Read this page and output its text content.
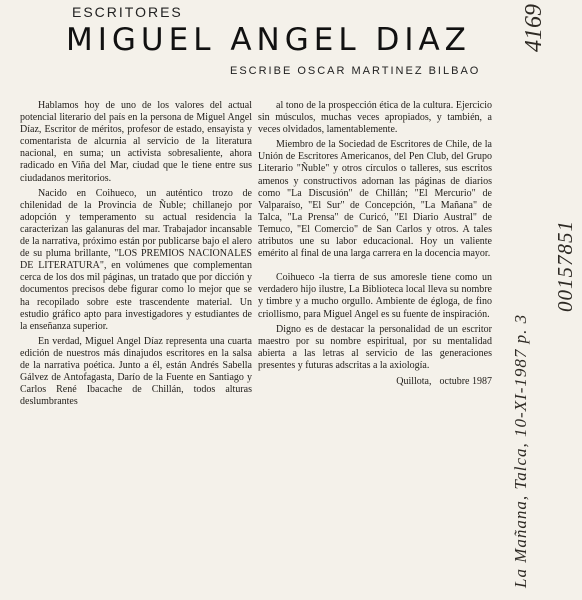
ESCRITORES
MIGUEL ANGEL DIAZ
ESCRIBE OSCAR MARTINEZ BILBAO

Hablamos hoy de uno de los valores del actual potencial literario del país en la persona de Miguel Angel Díaz, Escritor de méritos, profesor de estado, ensayista y comentarista de alcurnia al servicio de la literatura nacional, en suma; un activista sobresaliente, ahora radicado en Viña del Mar, ciudad que le tiene entre sus ciudadanos meritorios.

Nacido en Coihueco, un auténtico trozo de chilenidad de la Provincia de Ñuble; chillanejo por adopción y temperamento su actual residencia la caracterizan las galanuras del mar. Trabajador incansable de la narrativa, próximo están por publicarse bajo el alero de su pluma brillante, "LOS PREMIOS NACIONALES DE LITERATURA", en volúmenes que complementan cerca de los dos mil páginas, un tratado que por dicción y documentos precisos debe figurar como lo mejor que se ha recopilado sobre este trascendente material. Un estudio gráfico apto para investigadores y estudiantes de la enseñanza superior.

En verdad, Miguel Angel Díaz representa una cuarta edición de nuestros más dinajudos escritores en la salsa de la narrativa poética. Junto a él, están Andrés Sabella Gálvez de Antofagasta, Darío de la Fuente en Santiago y Carlos René Ibacache de Chillán, todos alturas deslumbrantes

al tono de la prospección ética de la cultura. Ejercicio sin músculos, muchas veces apropiados, y también, a veces olvidados, lamentablemente.

Miembro de la Sociedad de Escritores de Chile, de la Unión de Escritores Americanos, del Pen Club, del Grupo Literario "Ñuble" y otros círculos o talleres, sus escritos amenos y constructivos adornan las páginas de diarios como "La Discusión" de Chillán; "El Mercurio" de Valparaíso, "El Sur" de Concepción, "La Mañana" de Talca, "La Prensa" de Curicó, "El Diario Austral" de Temuco, "El Comercio" de San Carlos y otros. A tales atributos une su labor educacional. Hoy un valiente emérito al final de una larga carrera en la docencia mayor.

Coihueco -la tierra de sus amoresle tiene como un verdadero hijo ilustre, La Biblioteca local lleva su nombre y timbre y a mucho orgullo. Ambiente de égloga, de fino criollismo, para Miguel Angel es su fuente de inspiración.

Digno es de destacar la personalidad de un escritor maestro por su nombre espiritual, por su mentalidad abierta a las letras al servicio de las generaciones presentes y futuras adscritas a la axiología.

Quillota, octubre 1987
4169
La Mañana, Talca, 10-XI-1987 p. 3
00157851
